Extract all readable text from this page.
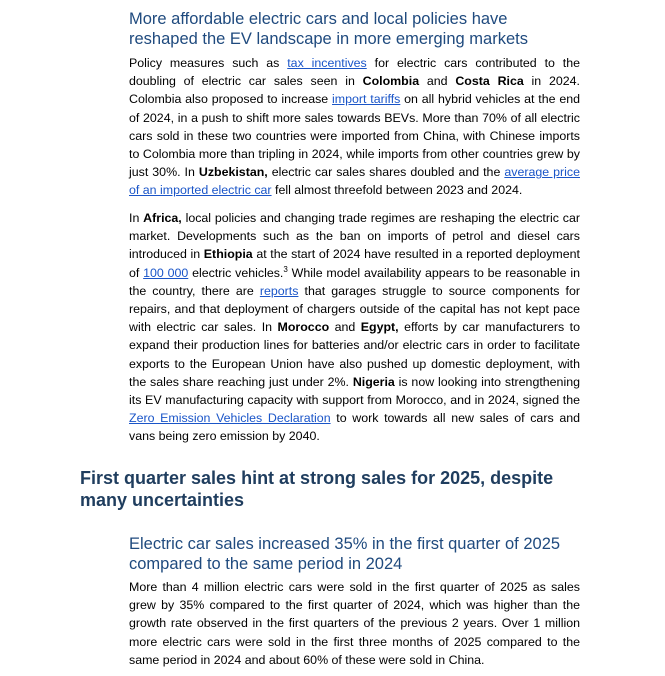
More affordable electric cars and local policies have reshaped the EV landscape in more emerging markets

Policy measures such as tax incentives for electric cars contributed to the doubling of electric car sales seen in Colombia and Costa Rica in 2024. Colombia also proposed to increase import tariffs on all hybrid vehicles at the end of 2024, in a push to shift more sales towards BEVs. More than 70% of all electric cars sold in these two countries were imported from China, with Chinese imports to Colombia more than tripling in 2024, while imports from other countries grew by just 30%. In Uzbekistan, electric car sales shares doubled and the average price of an imported electric car fell almost threefold between 2023 and 2024.

In Africa, local policies and changing trade regimes are reshaping the electric car market. Developments such as the ban on imports of petrol and diesel cars introduced in Ethiopia at the start of 2024 have resulted in a reported deployment of 100 000 electric vehicles.$^3$ While model availability appears to be reasonable in the country, there are reports that garages struggle to source components for repairs, and that deployment of chargers outside of the capital has not kept pace with electric car sales. In Morocco and Egypt, efforts by car manufacturers to expand their production lines for batteries and/or electric cars in order to facilitate exports to the European Union have also pushed up domestic deployment, with the sales share reaching just under 2%. Nigeria is now looking into strengthening its EV manufacturing capacity with support from Morocco, and in 2024, signed the Zero Emission Vehicles Declaration to work towards all new sales of cars and vans being zero emission by 2040.

First quarter sales hint at strong sales for 2025, despite many uncertainties
Electric car sales increased 35% in the first quarter of 2025 compared to the same period in 2024

More than 4 million electric cars were sold in the first quarter of 2025 as sales grew by 35% compared to the first quarter of 2024, which was higher than the growth rate observed in the first quarters of the previous 2 years. Over 1 million more electric cars were sold in the first three months of 2025 compared to the same period in 2024 and about 60% of these were sold in China.
